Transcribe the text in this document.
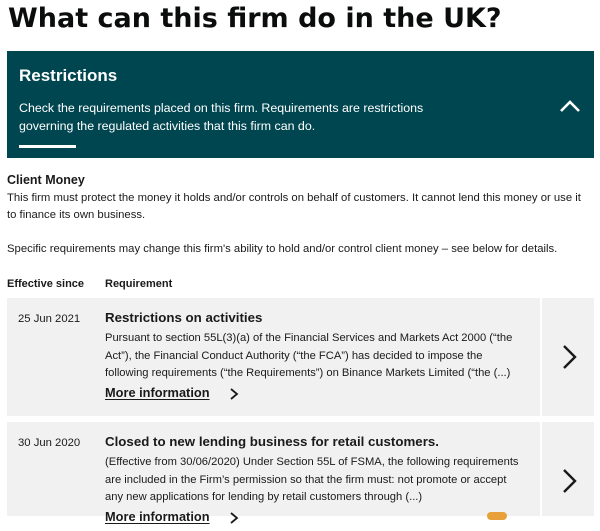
What can this firm do in the UK?
Restrictions
Check the requirements placed on this firm. Requirements are restrictions governing the regulated activities that this firm can do.
Client Money
This firm must protect the money it holds and/or controls on behalf of customers. It cannot lend this money or use it to finance its own business.
Specific requirements may change this firm's ability to hold and/or control client money – see below for details.
Effective since Requirement
25 Jun 2021 Restrictions on activities
Pursuant to section 55L(3)(a) of the Financial Services and Markets Act 2000 (“the Act”), the Financial Conduct Authority (“the FCA”) has decided to impose the following requirements (“the Requirements”) on Binance Markets Limited (“the (...)
More information
30 Jun 2020 Closed to new lending business for retail customers.
(Effective from 30/06/2020) Under Section 55L of FSMA, the following requirements are included in the Firm’s permission so that the firm must: not promote or accept any new applications for lending by retail customers through (...)
More information
